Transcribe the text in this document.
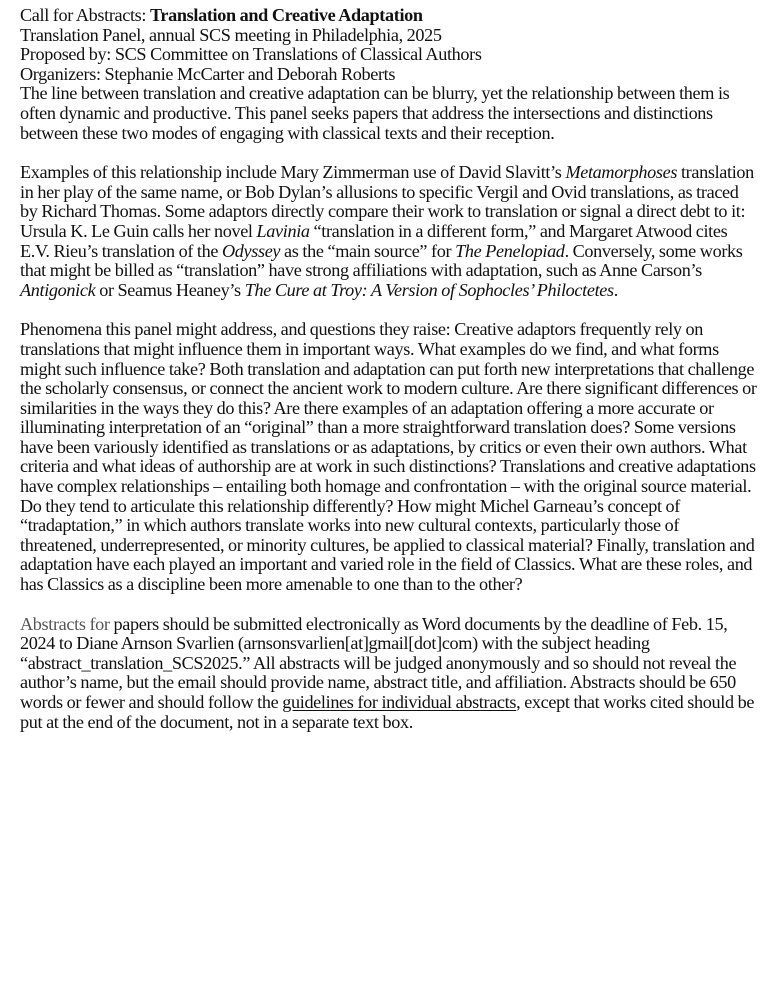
Call for Abstracts: Translation and Creative Adaptation

Translation Panel, annual SCS meeting in Philadelphia, 2025

Proposed by: SCS Committee on Translations of Classical Authors

Organizers: Stephanie McCarter and Deborah Roberts

The line between translation and creative adaptation can be blurry, yet the relationship between them is often dynamic and productive. This panel seeks papers that address the intersections and distinctions between these two modes of engaging with classical texts and their reception.

Examples of this relationship include Mary Zimmerman use of David Slavitt’s Metamorphoses translation in her play of the same name, or Bob Dylan’s allusions to specific Vergil and Ovid translations, as traced by Richard Thomas. Some adaptors directly compare their work to translation or signal a direct debt to it: Ursula K. Le Guin calls her novel Lavinia “translation in a different form,” and Margaret Atwood cites E.V. Rieu’s translation of the Odyssey as the “main source” for The Penelopiad. Conversely, some works that might be billed as “translation” have strong affiliations with adaptation, such as Anne Carson’s Antigonick or Seamus Heaney’s The Cure at Troy: A Version of Sophocles’ Philoctetes.

Phenomena this panel might address, and questions they raise: Creative adaptors frequently rely on translations that might influence them in important ways. What examples do we find, and what forms might such influence take? Both translation and adaptation can put forth new interpretations that challenge the scholarly consensus, or connect the ancient work to modern culture. Are there significant differences or similarities in the ways they do this? Are there examples of an adaptation offering a more accurate or illuminating interpretation of an “original” than a more straightforward translation does? Some versions have been variously identified as translations or as adaptations, by critics or even their own authors. What criteria and what ideas of authorship are at work in such distinctions? Translations and creative adaptations have complex relationships – entailing both homage and confrontation – with the original source material. Do they tend to articulate this relationship differently? How might Michel Garneau’s concept of “tradaptation,” in which authors translate works into new cultural contexts, particularly those of threatened, underrepresented, or minority cultures, be applied to classical material? Finally, translation and adaptation have each played an important and varied role in the field of Classics. What are these roles, and has Classics as a discipline been more amenable to one than to the other?

Abstracts for papers should be submitted electronically as Word documents by the deadline of Feb. 15, 2024 to Diane Arnson Svarlien (arnsonsvarlien[at]gmail[dot]com) with the subject heading “abstract_translation_SCS2025.” All abstracts will be judged anonymously and so should not reveal the author’s name, but the email should provide name, abstract title, and affiliation. Abstracts should be 650 words or fewer and should follow the guidelines for individual abstracts, except that works cited should be put at the end of the document, not in a separate text box.
